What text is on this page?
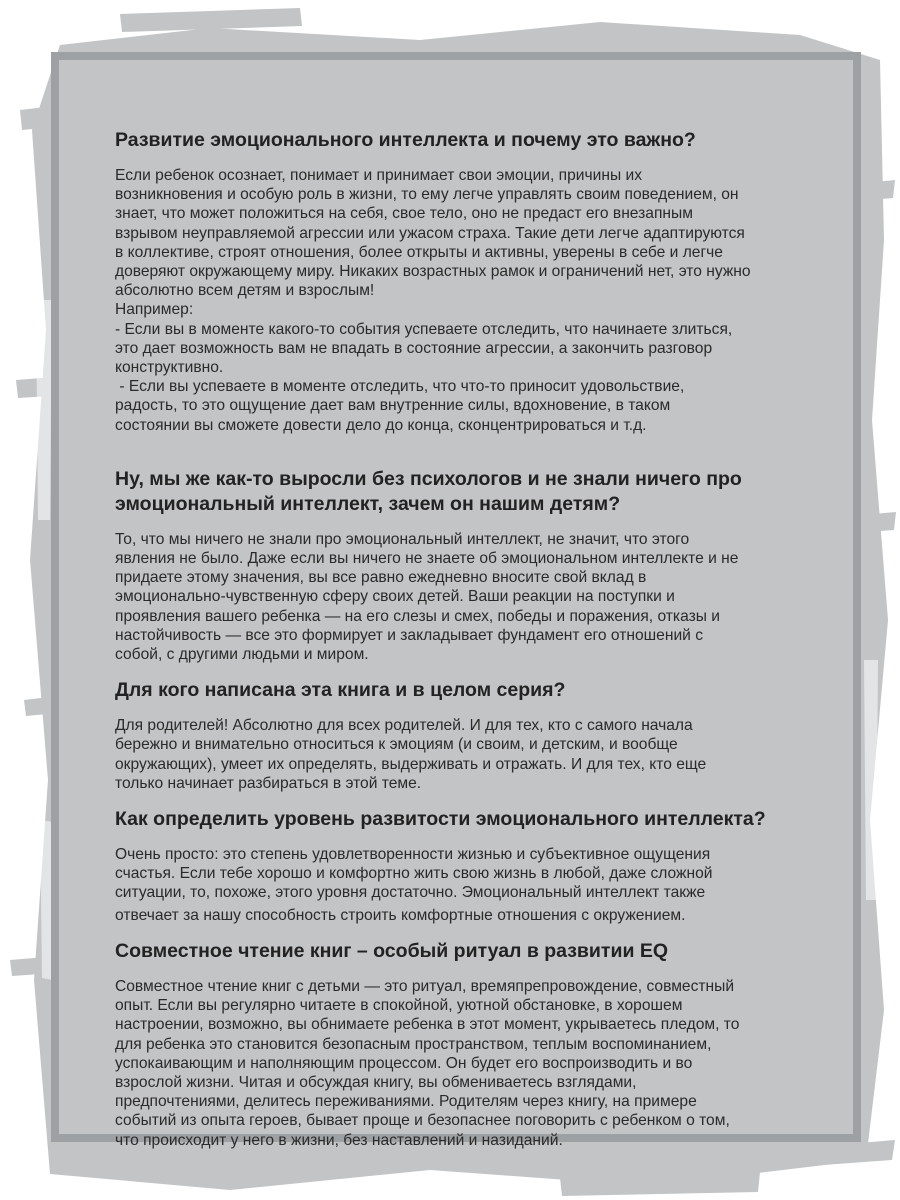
Развитие эмоционального интеллекта и почему это важно?
Если ребенок осознает, понимает и принимает свои эмоции, причины их
возникновения и особую роль в жизни, то ему легче управлять своим поведением, он
знает, что может положиться на себя, свое тело, оно не предаст его внезапным
взрывом неуправляемой агрессии или ужасом страха. Такие дети легче адаптируются
в коллективе, строят отношения, более открыты и активны, уверены в себе и легче
доверяют окружающему миру. Никаких возрастных рамок и ограничений нет, это нужно
абсолютно всем детям и взрослым!
Например:
- Если вы в моменте какого-то события успеваете отследить, что начинаете злиться,
это дает возможность вам не впадать в состояние агрессии, а закончить разговор
конструктивно.
- Если вы успеваете в моменте отследить, что что-то приносит удовольствие,
радость, то это ощущение дает вам внутренние силы, вдохновение, в таком
состоянии вы сможете довести дело до конца, сконцентрироваться и т.д.
Ну, мы же как-то выросли без психологов и не знали ничего про
эмоциональный интеллект, зачем он нашим детям?
То, что мы ничего не знали про эмоциональный интеллект, не значит, что этого
явления не было. Даже если вы ничего не знаете об эмоциональном интеллекте и не
придаете этому значения, вы все равно ежедневно вносите свой вклад в
эмоционально-чувственную сферу своих детей. Ваши реакции на поступки и
проявления вашего ребенка — на его слезы и смех, победы и поражения, отказы и
настойчивость — все это формирует и закладывает фундамент его отношений с
собой, с другими людьми и миром.
Для кого написана эта книга и в целом серия?
Для родителей! Абсолютно для всех родителей. И для тех, кто с самого начала
бережно и внимательно относиться к эмоциям (и своим, и детским, и вообще
окружающих), умеет их определять, выдерживать и отражать. И для тех, кто еще
только начинает разбираться в этой теме.
Как определить уровень развитости эмоционального интеллекта?
Очень просто: это степень удовлетворенности жизнью и субъективное ощущения
счастья. Если тебе хорошо и комфортно жить свою жизнь в любой, даже сложной
ситуации, то, похоже, этого уровня достаточно. Эмоциональный интеллект также
отвечает за нашу способность строить комфортные отношения с окружением.
Совместное чтение книг – особый ритуал в развитии EQ
Совместное чтение книг с детьми — это ритуал, времяпрепровождение, совместный
опыт. Если вы регулярно читаете в спокойной, уютной обстановке, в хорошем
настроении, возможно, вы обнимаете ребенка в этот момент, укрываетесь пледом, то
для ребенка это становится безопасным пространством, теплым воспоминанием,
успокаивающим и наполняющим процессом. Он будет его воспроизводить и во
взрослой жизни. Читая и обсуждая книгу, вы обмениваетесь взглядами,
предпочтениями, делитесь переживаниями. Родителям через книгу, на примере
событий из опыта героев, бывает проще и безопаснее поговорить с ребенком о том,
что происходит у него в жизни, без наставлений и назиданий.
